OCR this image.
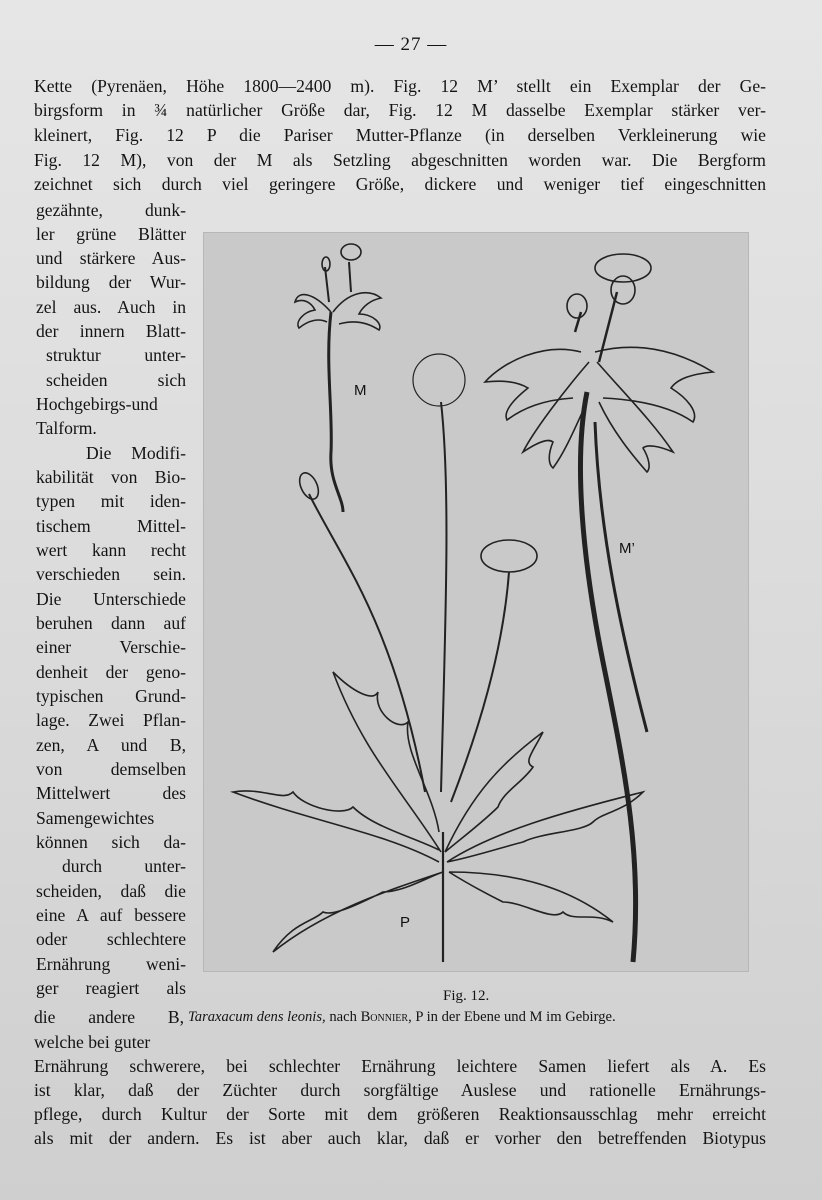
— 27 —
Kette (Pyrenäen, Höhe 1800—2400 m). Fig. 12 M’ stellt ein Exemplar der Ge-
birgsform in ¾ natürlicher Größe dar, Fig. 12 M dasselbe Exemplar stärker ver-
kleinert, Fig. 12 P die Pariser Mutter-Pflanze (in derselben Verkleinerung wie
Fig. 12 M), von der M als Setzling abgeschnitten worden war. Die Bergform
zeichnet sich durch viel geringere Größe, dickere und weniger tief eingeschnitten
gezähnte, dunk-
ler grüne Blätter
und stärkere Aus-
bildung der Wur-
zel aus. Auch in
der innern Blatt-
struktur unter-
scheiden sich
Hochgebirgs-und
Talform.
Die Modifi-
kabilität von Bio-
typen mit iden-
tischem Mittel-
wert kann recht
verschieden sein.
Die Unterschiede
beruhen dann auf
einer Verschie-
denheit der geno-
typischen Grund-
lage. Zwei Pflan-
zen, A und B,
von demselben
Mittelwert des
Samengewichtes
können sich da-
durch unter-
scheiden, daß die
eine A auf bessere
oder schlechtere
Ernährung weni-
ger reagiert als
die andere B,
M
M’
P
Fig. 12.
Taraxacum dens leonis, nach Bonnier, P in der Ebene und M im Gebirge.
welche bei guter
Ernährung schwerere, bei schlechter Ernährung leichtere Samen liefert als A. Es
ist klar, daß der Züchter durch sorgfältige Auslese und rationelle Ernährungs-
pflege, durch Kultur der Sorte mit dem größeren Reaktionsausschlag mehr erreicht
als mit der andern. Es ist aber auch klar, daß er vorher den betreffenden Biotypus
